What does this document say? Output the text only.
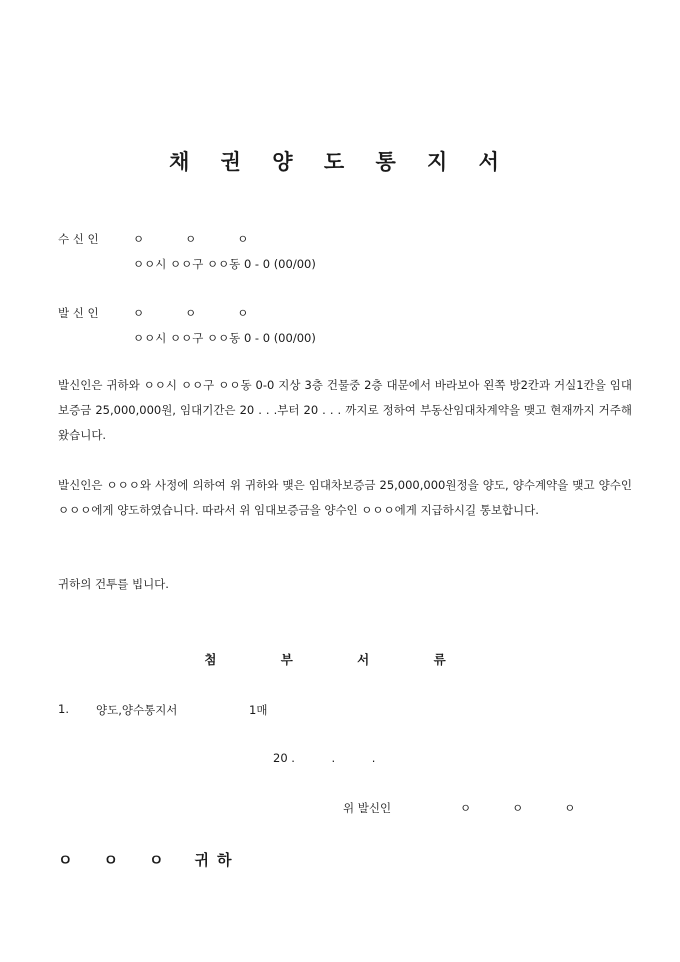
채 권 양 도 통 지 서
수 신 인	ㅇ　　ㅇ　　ㅇ
ㅇㅇ시 ㅇㅇ구 ㅇㅇ동 0 - 0 (00/00)
발 신 인	ㅇ　　ㅇ　　ㅇ
ㅇㅇ시 ㅇㅇ구 ㅇㅇ동 0 - 0 (00/00)
발신인은 귀하와 ㅇㅇ시 ㅇㅇ구 ㅇㅇ동 0-0 지상 3층 건물중 2층 대문에서 바라보아 왼쪽 방2칸과 거실1칸을 임대보증금 25,000,000원, 임대기간은 20 . . .부터 20 . . . 까지로 정하여 부동산임대차계약을 맺고 현재까지 거주해 왔습니다.
발신인은 ㅇㅇㅇ와 사정에 의하여 위 귀하와 맺은 임대차보증금 25,000,000원정을 양도, 양수계약을 맺고 양수인 ㅇㅇㅇ에게 양도하였습니다. 따라서 위 임대보증금을 양수인 ㅇㅇㅇ에게 지급하시길 통보합니다.
귀하의 건투를 빕니다.
첨 부 서 류
1. 양도,양수통지서	1매
20 .          .          .
위 발신인	ㅇ　　ㅇ　　ㅇ
ㅇ　ㅇ　ㅇ　귀하
